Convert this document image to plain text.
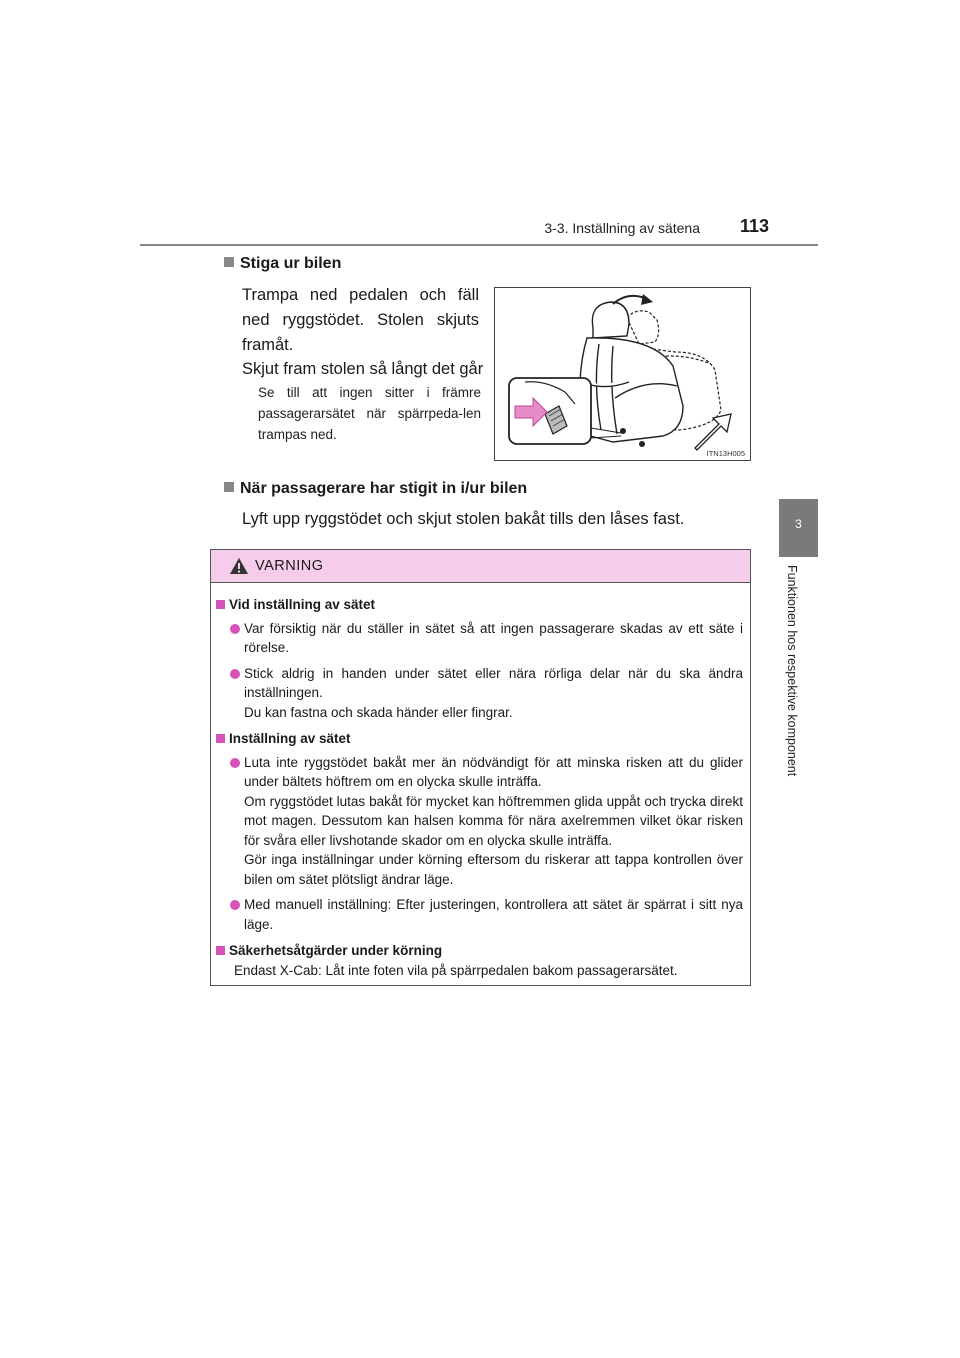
3-3. Inställning av sätena 113
3
Funktionen hos respektive komponent
Stiga ur bilen
Trampa ned pedalen och fäll ned ryggstödet. Stolen skjuts framåt.
Skjut fram stolen så långt det går
Se till att ingen sitter i främre passagerarsätet när spärrpeda-len trampas ned.
ITN13H005
När passagerare har stigit in i/ur bilen
Lyft upp ryggstödet och skjut stolen bakåt tills den låses fast.
VARNING
Vid inställning av sätet
Var försiktig när du ställer in sätet så att ingen passagerare skadas av ett säte i rörelse.
Stick aldrig in handen under sätet eller nära rörliga delar när du ska ändra inställningen.
Du kan fastna och skada händer eller fingrar.
Inställning av sätet
Luta inte ryggstödet bakåt mer än nödvändigt för att minska risken att du glider under bältets höftrem om en olycka skulle inträffa.
Om ryggstödet lutas bakåt för mycket kan höftremmen glida uppåt och trycka direkt mot magen. Dessutom kan halsen komma för nära axelremmen vilket ökar risken för svåra eller livshotande skador om en olycka skulle inträffa.
Gör inga inställningar under körning eftersom du riskerar att tappa kontrollen över bilen om sätet plötsligt ändrar läge.
Med manuell inställning: Efter justeringen, kontrollera att sätet är spärrat i sitt nya läge.
Säkerhetsåtgärder under körning
Endast X-Cab: Låt inte foten vila på spärrpedalen bakom passagerarsätet.
